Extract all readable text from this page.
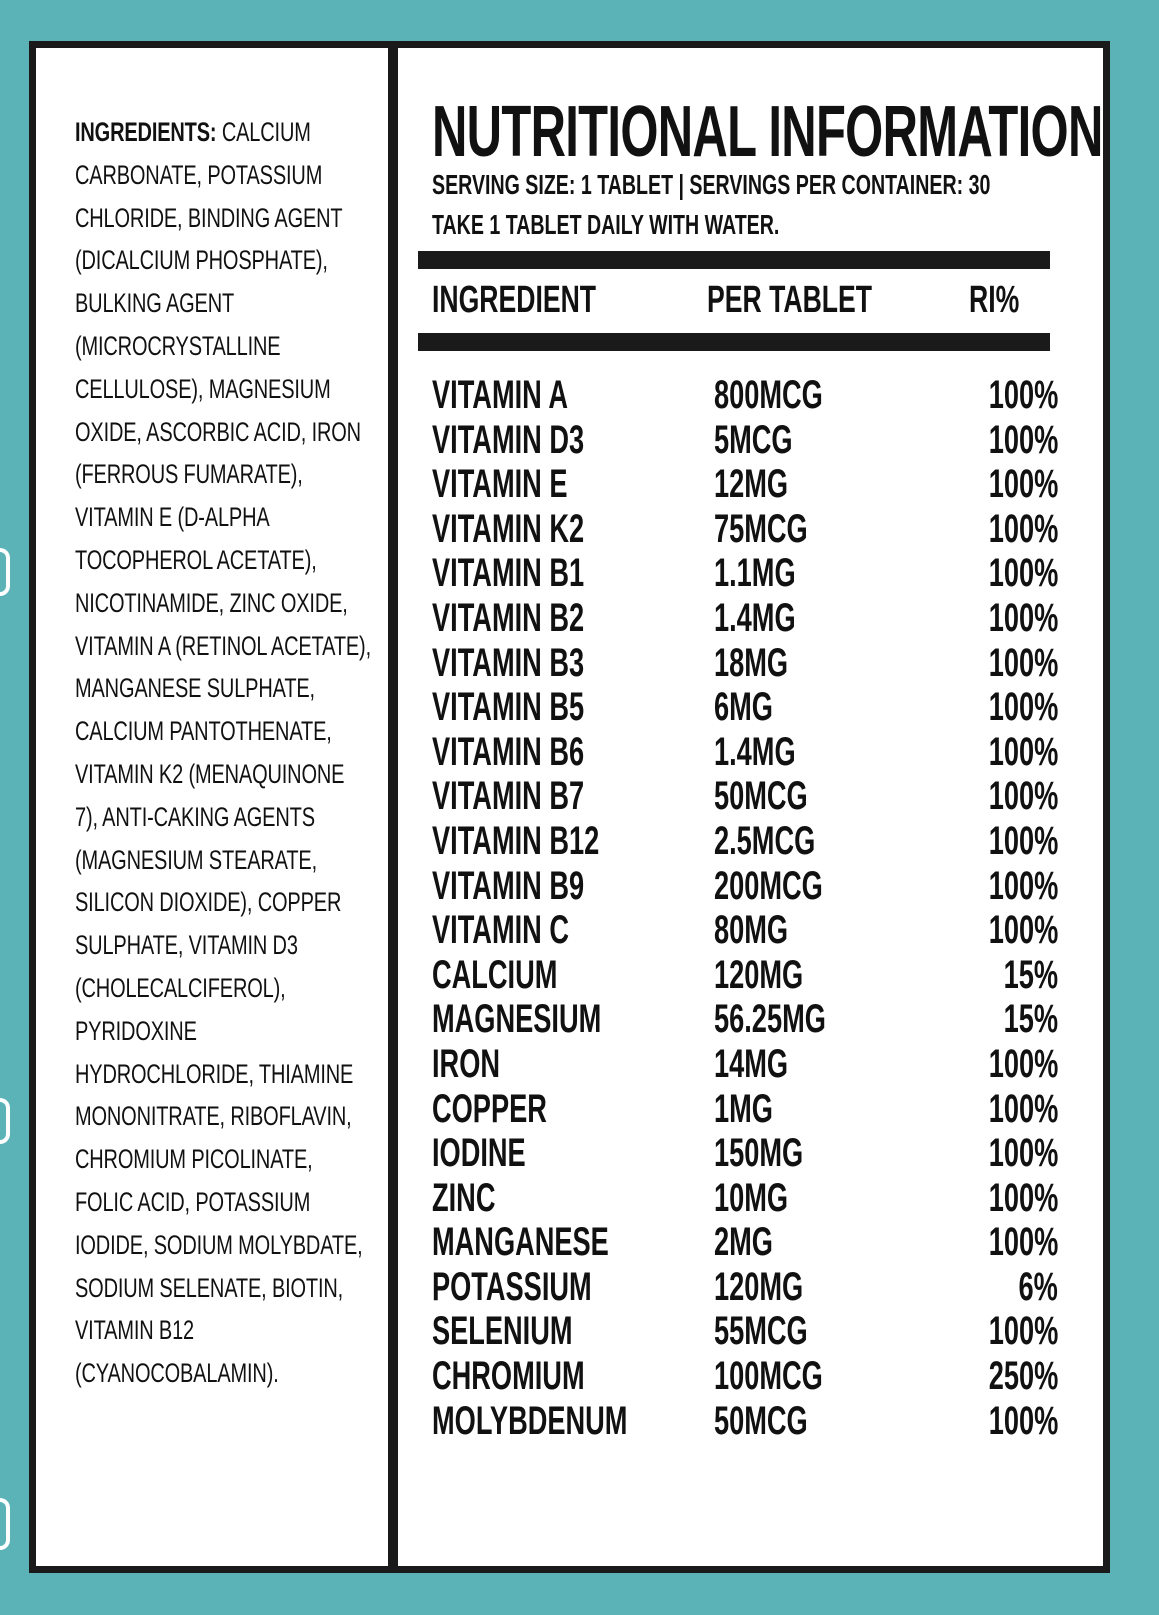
INGREDIENTS: CALCIUM CARBONATE, POTASSIUM CHLORIDE, BINDING AGENT (DICALCIUM PHOSPHATE), BULKING AGENT (MICROCRYSTALLINE CELLULOSE), MAGNESIUM OXIDE, ASCORBIC ACID, IRON (FERROUS FUMARATE), VITAMIN E (D-ALPHA TOCOPHEROL ACETATE), NICOTINAMIDE, ZINC OXIDE, VITAMIN A (RETINOL ACETATE), MANGANESE SULPHATE, CALCIUM PANTOTHENATE, VITAMIN K2 (MENAQUINONE 7), ANTI-CAKING AGENTS (MAGNESIUM STEARATE, SILICON DIOXIDE), COPPER SULPHATE, VITAMIN D3 (CHOLECALCIFEROL), PYRIDOXINE HYDROCHLORIDE, THIAMINE MONONITRATE, RIBOFLAVIN, CHROMIUM PICOLINATE, FOLIC ACID, POTASSIUM IODIDE, SODIUM MOLYBDATE, SODIUM SELENATE, BIOTIN, VITAMIN B12 (CYANOCOBALAMIN).
NUTRITIONAL INFORMATION
SERVING SIZE: 1 TABLET | SERVINGS PER CONTAINER: 30
TAKE 1 TABLET DAILY WITH WATER.
INGREDIENT	PER TABLET	RI%
VITAMIN A	800MCG	100%
VITAMIN D3	5MCG	100%
VITAMIN E	12MG	100%
VITAMIN K2	75MCG	100%
VITAMIN B1	1.1MG	100%
VITAMIN B2	1.4MG	100%
VITAMIN B3	18MG	100%
VITAMIN B5	6MG	100%
VITAMIN B6	1.4MG	100%
VITAMIN B7	50MCG	100%
VITAMIN B12	2.5MCG	100%
VITAMIN B9	200MCG	100%
VITAMIN C	80MG	100%
CALCIUM	120MG	15%
MAGNESIUM	56.25MG	15%
IRON	14MG	100%
COPPER	1MG	100%
IODINE	150MG	100%
ZINC	10MG	100%
MANGANESE	2MG	100%
POTASSIUM	120MG	6%
SELENIUM	55MCG	100%
CHROMIUM	100MCG	250%
MOLYBDENUM 50MCG	100%
